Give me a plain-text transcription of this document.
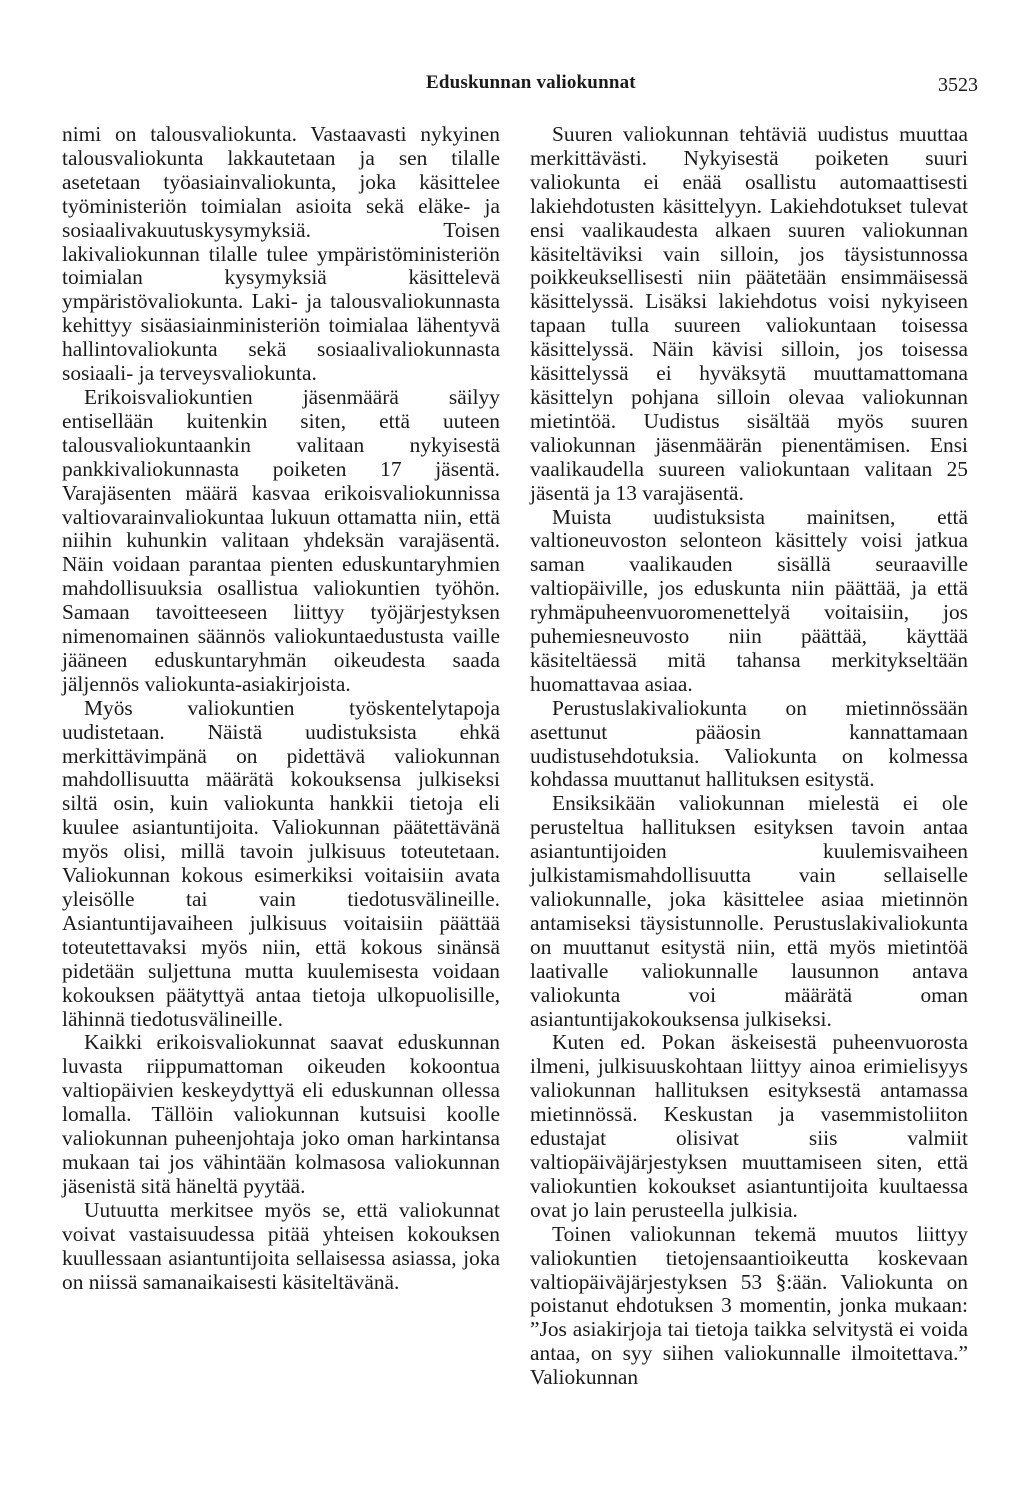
Eduskunnan valiokunnat	3523

nimi on talousvaliokunta. Vastaavasti nykyinen talousvaliokunta lakkautetaan ja sen tilalle asetetaan työasiainvaliokunta, joka käsittelee työministeriön toimialan asioita sekä eläke- ja sosiaalivakuutuskysymyksiä. Toisen lakivaliokunnan tilalle tulee ympäristöministeriön toimialan kysymyksiä käsittelevä ympäristövaliokunta. Laki- ja talousvaliokunnasta kehittyy sisäasiainministeriön toimialaa lähentyvä hallintovaliokunta sekä sosiaalivaliokunnasta sosiaali- ja terveysvaliokunta.

Erikoisvaliokuntien jäsenmäärä säilyy entisellään kuitenkin siten, että uuteen talousvaliokuntaankin valitaan nykyisestä pankkivaliokunnasta poiketen 17 jäsentä. Varajäsenten määrä kasvaa erikoisvaliokunnissa valtiovarainvaliokuntaa lukuun ottamatta niin, että niihin kuhunkin valitaan yhdeksän varajäsentä. Näin voidaan parantaa pienten eduskuntaryhmien mahdollisuuksia osallistua valiokuntien työhön. Samaan tavoitteeseen liittyy työjärjestyksen nimenomainen säännös valiokuntaedustusta vaille jääneen eduskuntaryhmän oikeudesta saada jäljennös valiokunta-asiakirjoista.

Myös valiokuntien työskentelytapoja uudistetaan. Näistä uudistuksista ehkä merkittävimpänä on pidettävä valiokunnan mahdollisuutta määrätä kokouksensa julkiseksi siltä osin, kuin valiokunta hankkii tietoja eli kuulee asiantuntijoita. Valiokunnan päätettävänä myös olisi, millä tavoin julkisuus toteutetaan. Valiokunnan kokous esimerkiksi voitaisiin avata yleisölle tai vain tiedotusvälineille. Asiantuntijavaiheen julkisuus voitaisiin päättää toteutettavaksi myös niin, että kokous sinänsä pidetään suljettuna mutta kuulemisesta voidaan kokouksen päätyttyä antaa tietoja ulkopuolisille, lähinnä tiedotusvälineille.

Kaikki erikoisvaliokunnat saavat eduskunnan luvasta riippumattoman oikeuden kokoontua valtiopäivien keskeydyttyä eli eduskunnan ollessa lomalla. Tällöin valiokunnan kutsuisi koolle valiokunnan puheenjohtaja joko oman harkintansa mukaan tai jos vähintään kolmasosa valiokunnan jäsenistä sitä häneltä pyytää.

Uutuutta merkitsee myös se, että valiokunnat voivat vastaisuudessa pitää yhteisen kokouksen kuullessaan asiantuntijoita sellaisessa asiassa, joka on niissä samanaikaisesti käsiteltävänä.

Suuren valiokunnan tehtäviä uudistus muuttaa merkittävästi. Nykyisestä poiketen suuri valiokunta ei enää osallistu automaattisesti lakiehdotusten käsittelyyn. Lakiehdotukset tulevat ensi vaalikaudesta alkaen suuren valiokunnan käsiteltäviksi vain silloin, jos täysistunnossa poikkeuksellisesti niin päätetään ensimmäisessä käsittelyssä. Lisäksi lakiehdotus voisi nykyiseen tapaan tulla suureen valiokuntaan toisessa käsittelyssä. Näin kävisi silloin, jos toisessa käsittelyssä ei hyväksytä muuttamattomana käsittelyn pohjana silloin olevaa valiokunnan mietintöä. Uudistus sisältää myös suuren valiokunnan jäsenmäärän pienentämisen. Ensi vaalikaudella suureen valiokuntaan valitaan 25 jäsentä ja 13 varajäsentä.

Muista uudistuksista mainitsen, että valtioneuvoston selonteon käsittely voisi jatkua saman vaalikauden sisällä seuraaville valtiopäiville, jos eduskunta niin päättää, ja että ryhmäpuheenvuoromenettelyä voitaisiin, jos puhemiesneuvosto niin päättää, käyttää käsiteltäessä mitä tahansa merkitykseltään huomattavaa asiaa.

Perustuslakivaliokunta on mietinnössään asettunut pääosin kannattamaan uudistusehdotuksia. Valiokunta on kolmessa kohdassa muuttanut hallituksen esitystä.

Ensiksikään valiokunnan mielestä ei ole perusteltua hallituksen esityksen tavoin antaa asiantuntijoiden kuulemisvaiheen julkistamismahdollisuutta vain sellaiselle valiokunnalle, joka käsittelee asiaa mietinnön antamiseksi täysistunnolle. Perustuslakivaliokunta on muuttanut esitystä niin, että myös mietintöä laativalle valiokunnalle lausunnon antava valiokunta voi määrätä oman asiantuntijakokouksensa julkiseksi.

Kuten ed. Pokan äskeisestä puheenvuorosta ilmeni, julkisuuskohtaan liittyy ainoa erimielisyys valiokunnan hallituksen esityksestä antamassa mietinnössä. Keskustan ja vasemmistoliiton edustajat olisivat siis valmiit valtiopäiväjärjestyksen muuttamiseen siten, että valiokuntien kokoukset asiantuntijoita kuultaessa ovat jo lain perusteella julkisia.

Toinen valiokunnan tekemä muutos liittyy valiokuntien tietojensaantioikeutta koskevaan valtiopäiväjärjestyksen 53 §:ään. Valiokunta on poistanut ehdotuksen 3 momentin, jonka mukaan: ”Jos asiakirjoja tai tietoja taikka selvitystä ei voida antaa, on syy siihen valiokunnalle ilmoitettava.” Valiokunnan
